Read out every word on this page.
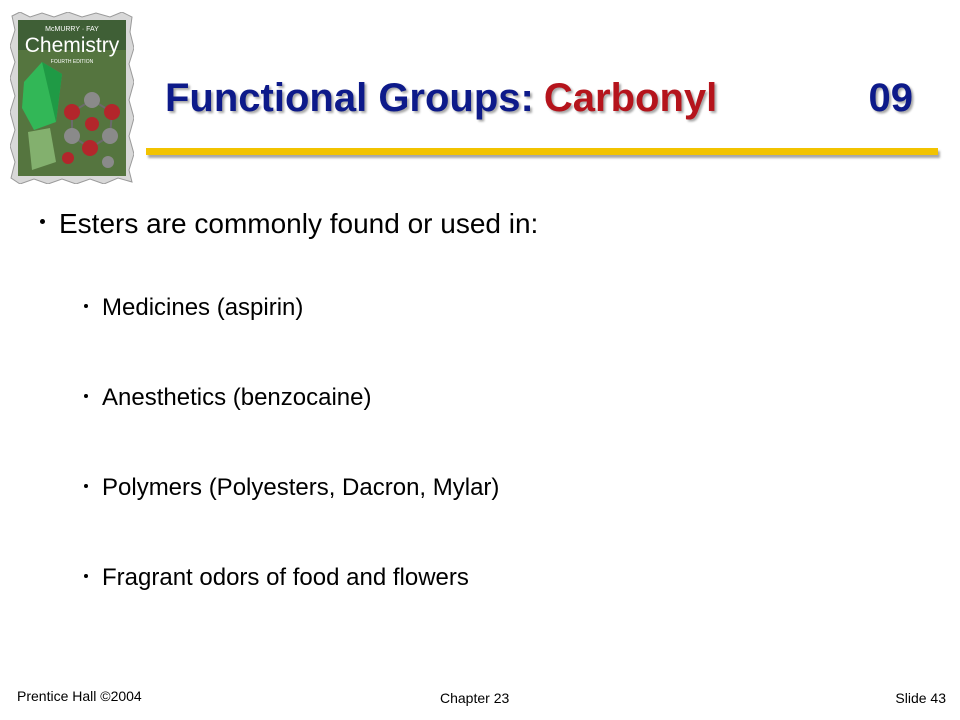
McMURRY · FAY
Chemistry
FOURTH EDITION
Functional Groups: Carbonyl	09
Esters are commonly found or used in:
Medicines (aspirin)
Anesthetics (benzocaine)
Polymers (Polyesters, Dacron, Mylar)
Fragrant odors of food and flowers
Prentice Hall ©2004	Chapter 23	Slide 43
